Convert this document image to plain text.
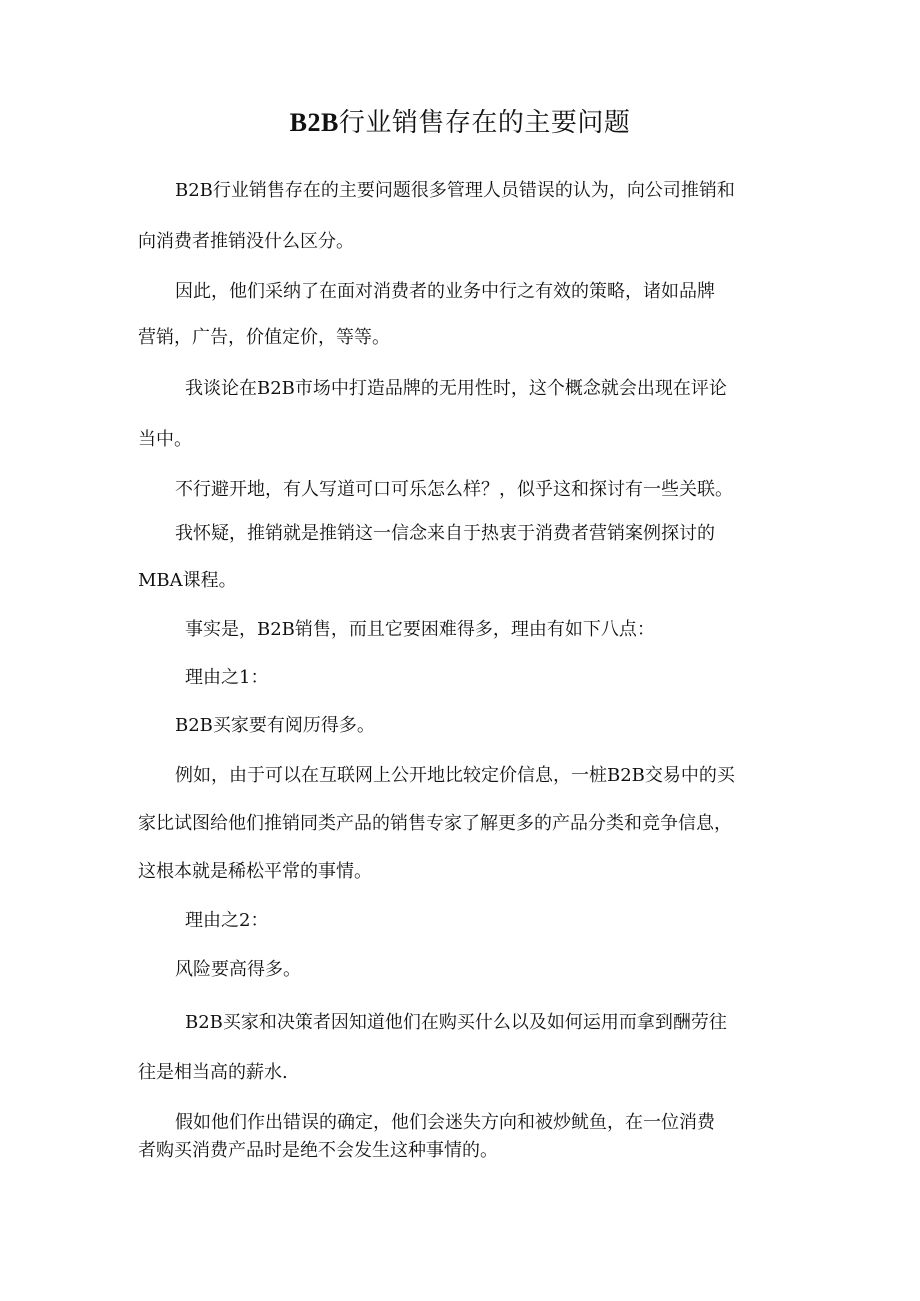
B2B行业销售存在的主要问题

B2B行业销售存在的主要问题很多管理人员错误的认为，向公司推销和

向消费者推销没什么区分。

因此，他们采纳了在面对消费者的业务中行之有效的策略，诸如品牌

营销，广告，价值定价，等等。

我谈论在B2B市场中打造品牌的无用性时，这个概念就会出现在评论

当中。

不行避开地，有人写道可口可乐怎么样？，似乎这和探讨有一些关联。

我怀疑，推销就是推销这一信念来自于热衷于消费者营销案例探讨的

MBA课程。

事实是，B2B销售，而且它要困难得多，理由有如下八点：

理由之1：

B2B买家要有阅历得多。

例如，由于可以在互联网上公开地比较定价信息，一桩B2B交易中的买

家比试图给他们推销同类产品的销售专家了解更多的产品分类和竞争信息，

这根本就是稀松平常的事情。

理由之2：

风险要高得多。

B2B买家和决策者因知道他们在购买什么以及如何运用而拿到酬劳往

往是相当高的薪水.

假如他们作出错误的确定，他们会迷失方向和被炒鱿鱼，在一位消费

者购买消费产品时是绝不会发生这种事情的。
